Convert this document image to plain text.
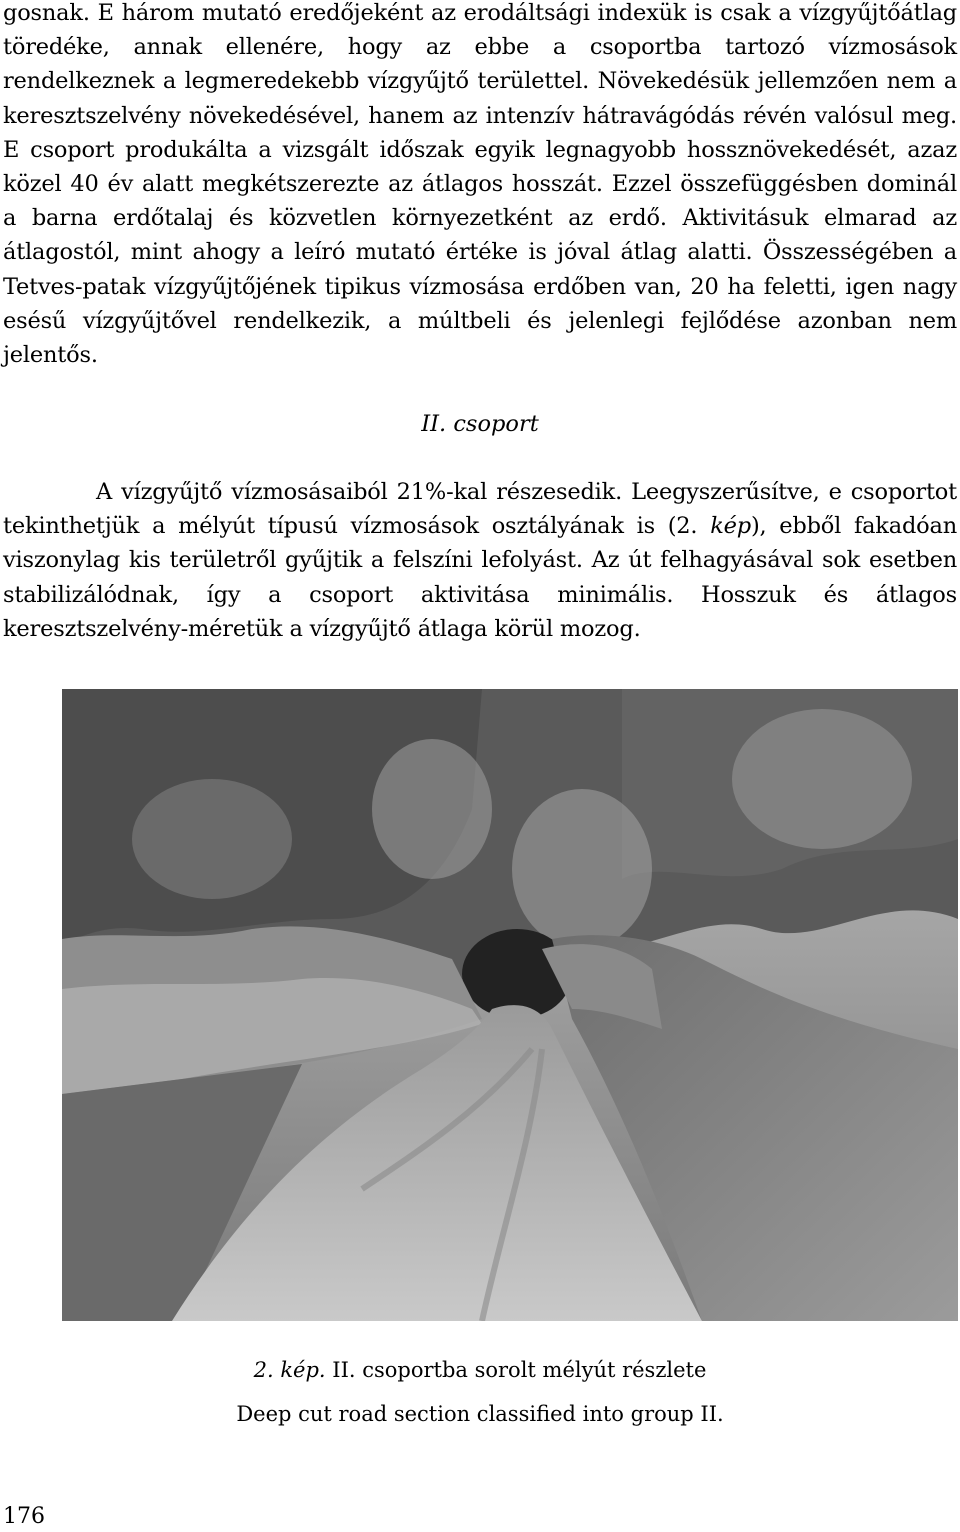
gosnak. E három mutató eredőjeként az erodáltsági indexük is csak a vízgyűjtőátlag töredéke, annak ellenére, hogy az ebbe a csoportba tartozó vízmosások rendelkeznek a legmeredekebb vízgyűjtő területtel. Növekedésük jellemzően nem a keresztszelvény növekedésével, hanem az intenzív hátravágódás révén valósul meg. E csoport produkálta a vizsgált időszak egyik legnagyobb hossznövekedését, azaz közel 40 év alatt megkétszerezte az átlagos hosszát. Ezzel összefüggésben dominál a barna erdőtalaj és közvetlen környezetként az erdő. Aktivitásuk elmarad az átlagostól, mint ahogy a leíró mutató értéke is jóval átlag alatti. Összességében a Tetves-patak vízgyűjtőjének tipikus vízmosása erdőben van, 20 ha feletti, igen nagy esésű vízgyűjtővel rendelkezik, a múltbeli és jelenlegi fejlődése azonban nem jelentős.

II. csoport

A vízgyűjtő vízmosásaiból 21%-kal részesedik. Leegyszerűsítve, e csoportot tekinthetjük a mélyút típusú vízmosások osztályának is (2. kép), ebből fakadóan viszonylag kis területről gyűjtik a felszíni lefolyást. Az út felhagyásával sok esetben stabilizálódnak, így a csoport aktivitása minimális. Hosszuk és átlagos keresztszelvény-méretük a vízgyűjtő átlaga körül mozog.

2. kép. II. csoportba sorolt mélyút részlete

Deep cut road section classified into group II.

176
